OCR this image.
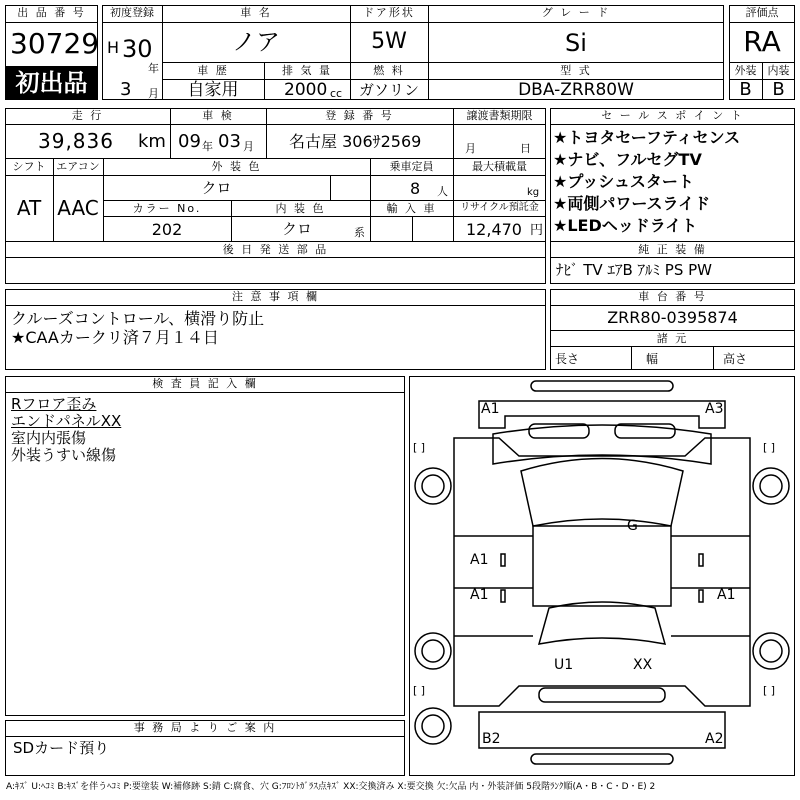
出 品 番 号
30729
初出品
初度登録
H 30
年
3 月
車 名
ノア
ドア形状
5W
グ レ ー ド
Si
車 歴
自家用
排 気 量
2000 cc
燃 料
ガソリン
型 式
DBA-ZRR80W
評価点
RA
外装	内装
B	B
走 行
39,836 km
車 検
09 年 03 月
登 録 番 号
名古屋 306ｻ2569
譲渡書類期限
月	日
シフト
AT
エアコン
AAC
外 装 色
クロ
乗車定員
8 人
最大積載量
kg
カラー No.
202
内 装 色
クロ	系
輸 入 車	リサイクル預託金
12,470 円
後 日 発 送 部 品
セ ー ル ス ポ イ ン ト
★トヨタセーフティセンス
★ナビ、フルセグTV
★プッシュスタート
★両側パワースライド
★LEDヘッドライト
純 正 装 備
ﾅﾋﾞ TV ｴｱB ｱﾙﾐ PS PW
注 意 事 項 欄
クルーズコントロール、横滑り防止
★CAAカークリ済７月１４日
車 台 番 号
ZRR80-0395874
諸 元
長さ	幅	高さ
検 査 員 記 入 欄
Rフロア歪み
エンドパネルXX
室内内張傷
外装うすい線傷
事 務 局 よ り ご 案 内
SDカード預り
A1	A3
G
A1
A1	A1
U1	XX
B2	A2
[ ]	[ ]
[ ]	[ ]
A:ｷｽﾞ U:ﾍｺﾐ B:ｷｽﾞを伴うﾍｺﾐ P:要塗装 W:補修跡 S:錆 C:腐食、穴 G:ﾌﾛﾝﾄｶﾞﾗｽ点ｷｽﾞ XX:交換済み X:要交換 欠:欠品 内・外装評価 5段階ﾗﾝｸ順(A・B・C・D・E) 2
